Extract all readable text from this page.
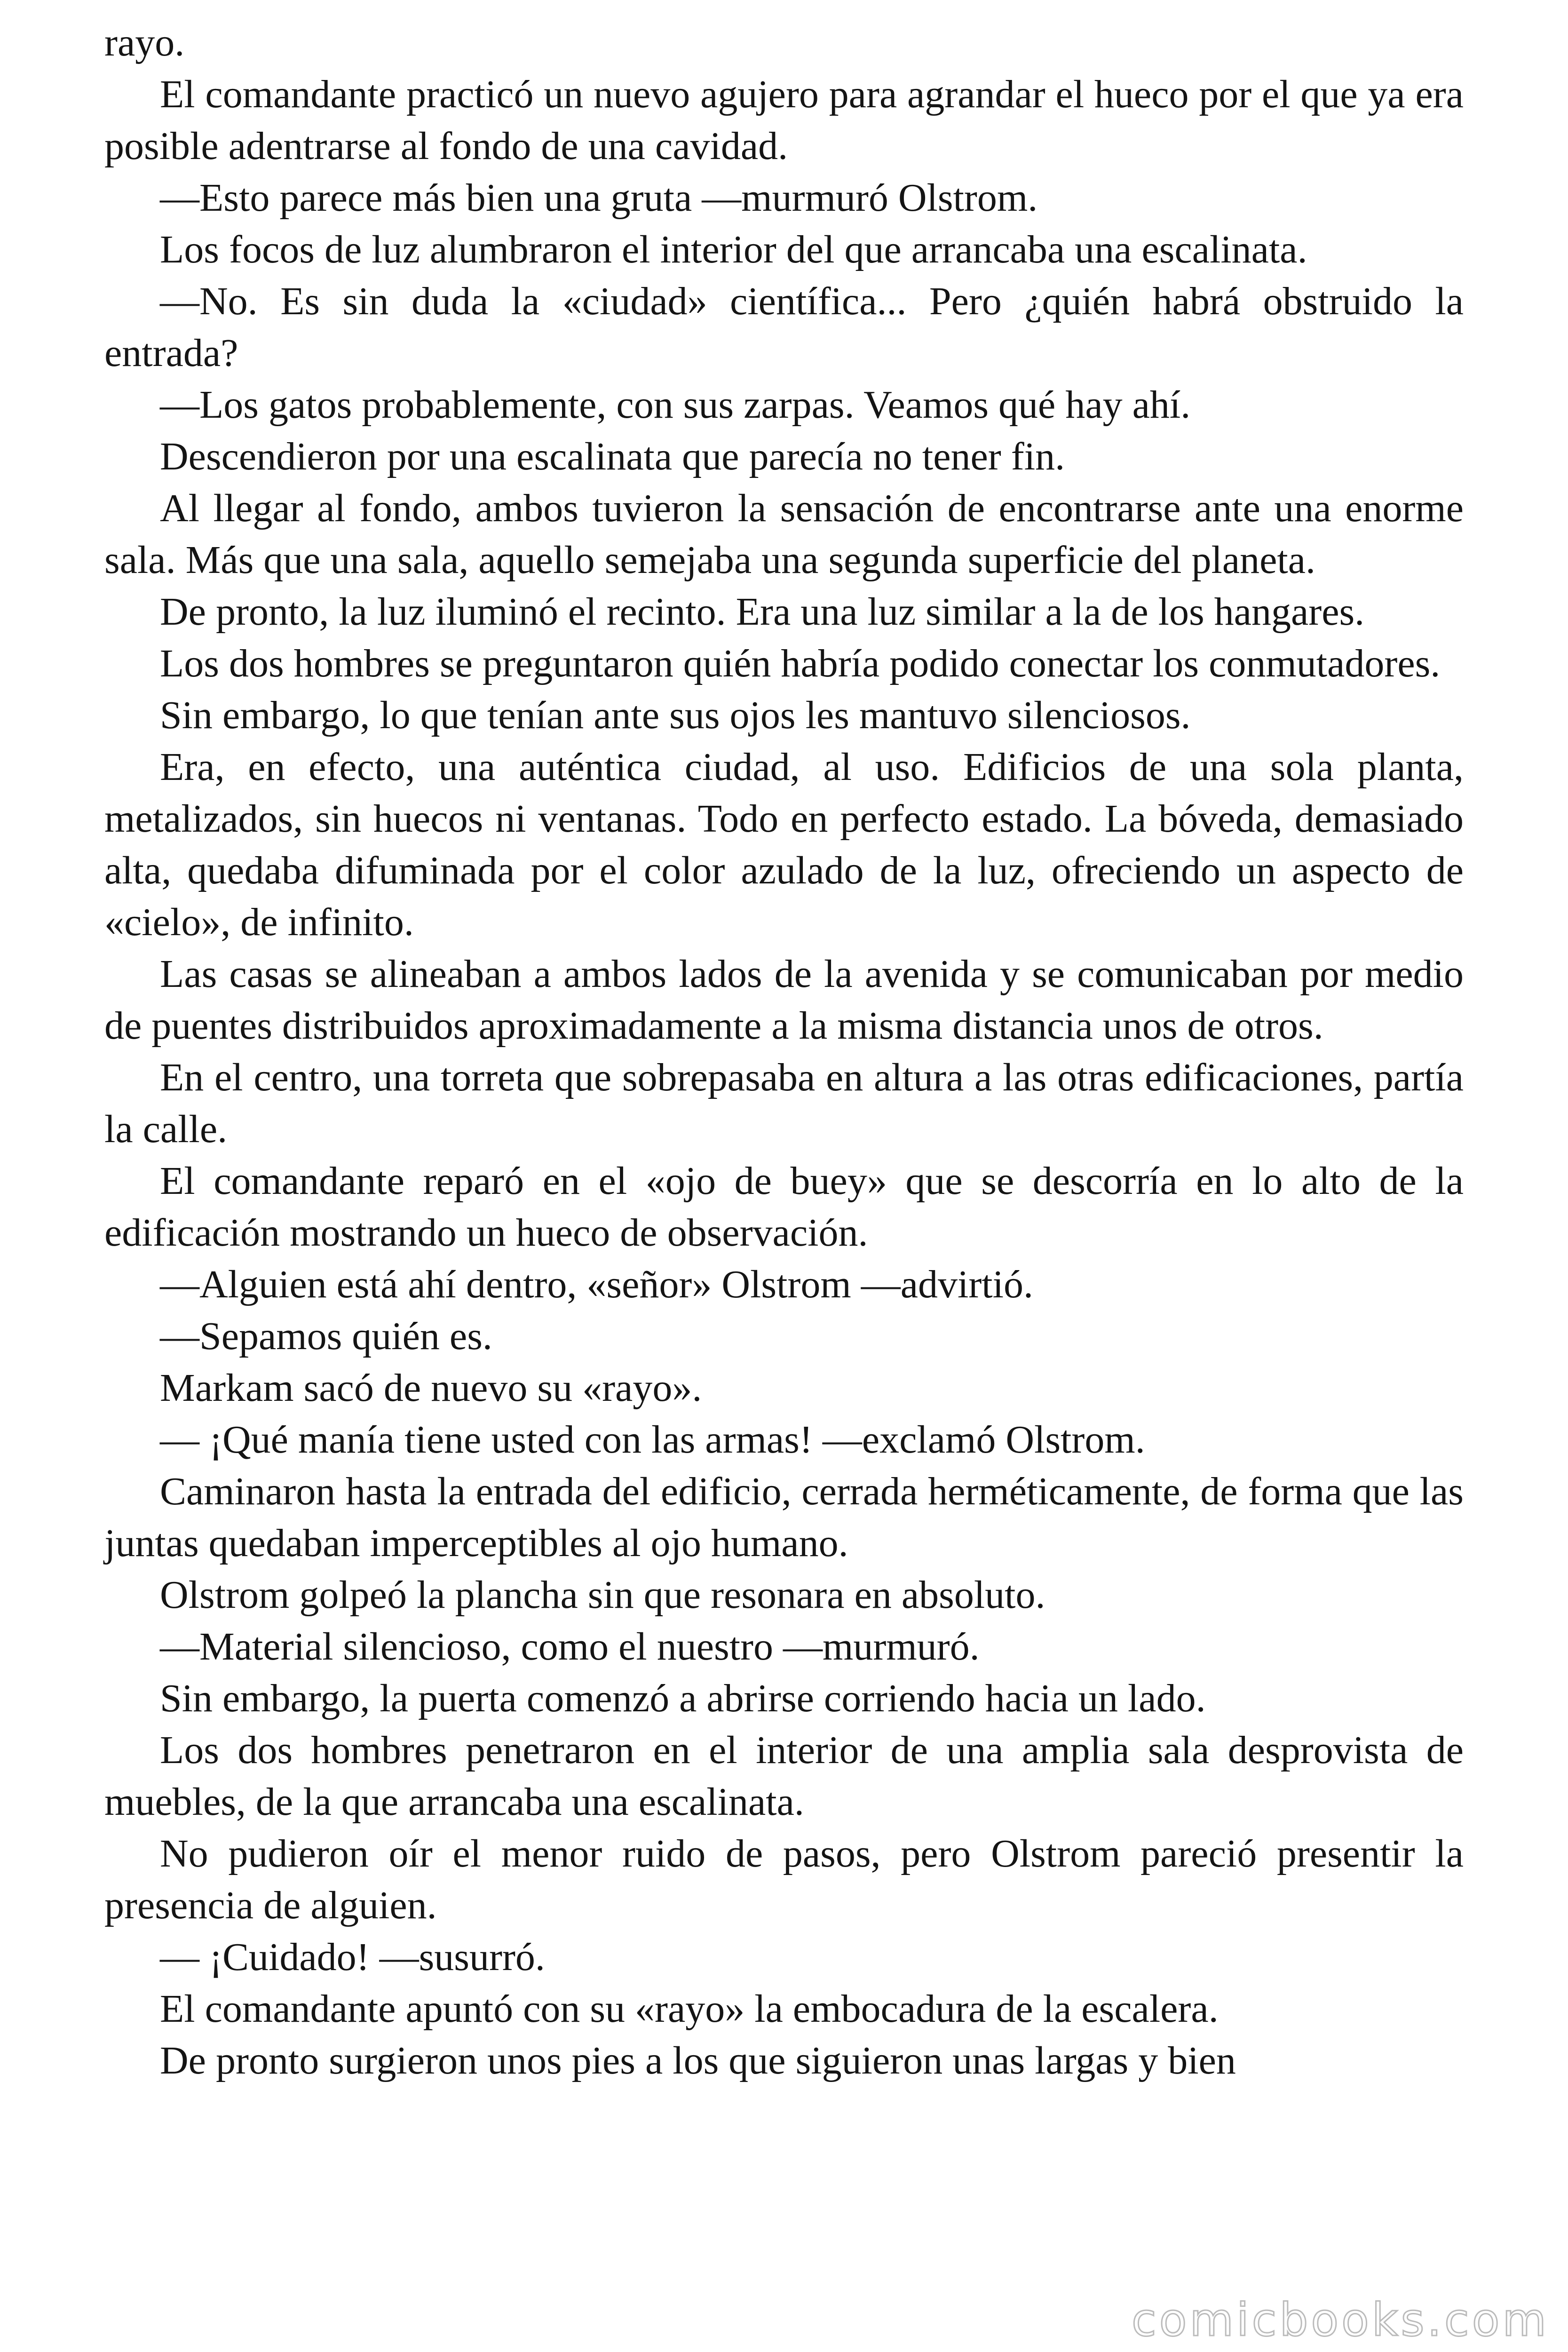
rayo.

El comandante practicó un nuevo agujero para agrandar el hueco por el que ya era posible adentrarse al fondo de una cavidad.

—Esto parece más bien una gruta —murmuró Olstrom.

Los focos de luz alumbraron el interior del que arrancaba una escalinata.

—No. Es sin duda la «ciudad» científica... Pero ¿quién habrá obstruido la entrada?

—Los gatos probablemente, con sus zarpas. Veamos qué hay ahí.

Descendieron por una escalinata que parecía no tener fin.

Al llegar al fondo, ambos tuvieron la sensación de encontrarse ante una enorme sala. Más que una sala, aquello semejaba una segunda superficie del planeta.

De pronto, la luz iluminó el recinto. Era una luz similar a la de los hangares.

Los dos hombres se preguntaron quién habría podido conectar los conmutadores.

Sin embargo, lo que tenían ante sus ojos les mantuvo silenciosos.

Era, en efecto, una auténtica ciudad, al uso. Edificios de una sola planta, metalizados, sin huecos ni ventanas. Todo en perfecto estado. La bóveda, demasiado alta, quedaba difuminada por el color azulado de la luz, ofreciendo un aspecto de «cielo», de infinito.

Las casas se alineaban a ambos lados de la avenida y se comunicaban por medio de puentes distribuidos aproximadamente a la misma distancia unos de otros.

En el centro, una torreta que sobrepasaba en altura a las otras edificaciones, partía la calle.

El comandante reparó en el «ojo de buey» que se descorría en lo alto de la edificación mostrando un hueco de observación.

—Alguien está ahí dentro, «señor» Olstrom —advirtió.

—Sepamos quién es.

Markam sacó de nuevo su «rayo».

— ¡Qué manía tiene usted con las armas! —exclamó Olstrom.

Caminaron hasta la entrada del edificio, cerrada herméticamente, de forma que las juntas quedaban imperceptibles al ojo humano.

Olstrom golpeó la plancha sin que resonara en absoluto.

—Material silencioso, como el nuestro —murmuró.

Sin embargo, la puerta comenzó a abrirse corriendo hacia un lado.

Los dos hombres penetraron en el interior de una amplia sala desprovista de muebles, de la que arrancaba una escalinata.

No pudieron oír el menor ruido de pasos, pero Olstrom pareció presentir la presencia de alguien.

— ¡Cuidado! —susurró.

El comandante apuntó con su «rayo» la embocadura de la escalera.

De pronto surgieron unos pies a los que siguieron unas largas y bien

comicbooks.com
